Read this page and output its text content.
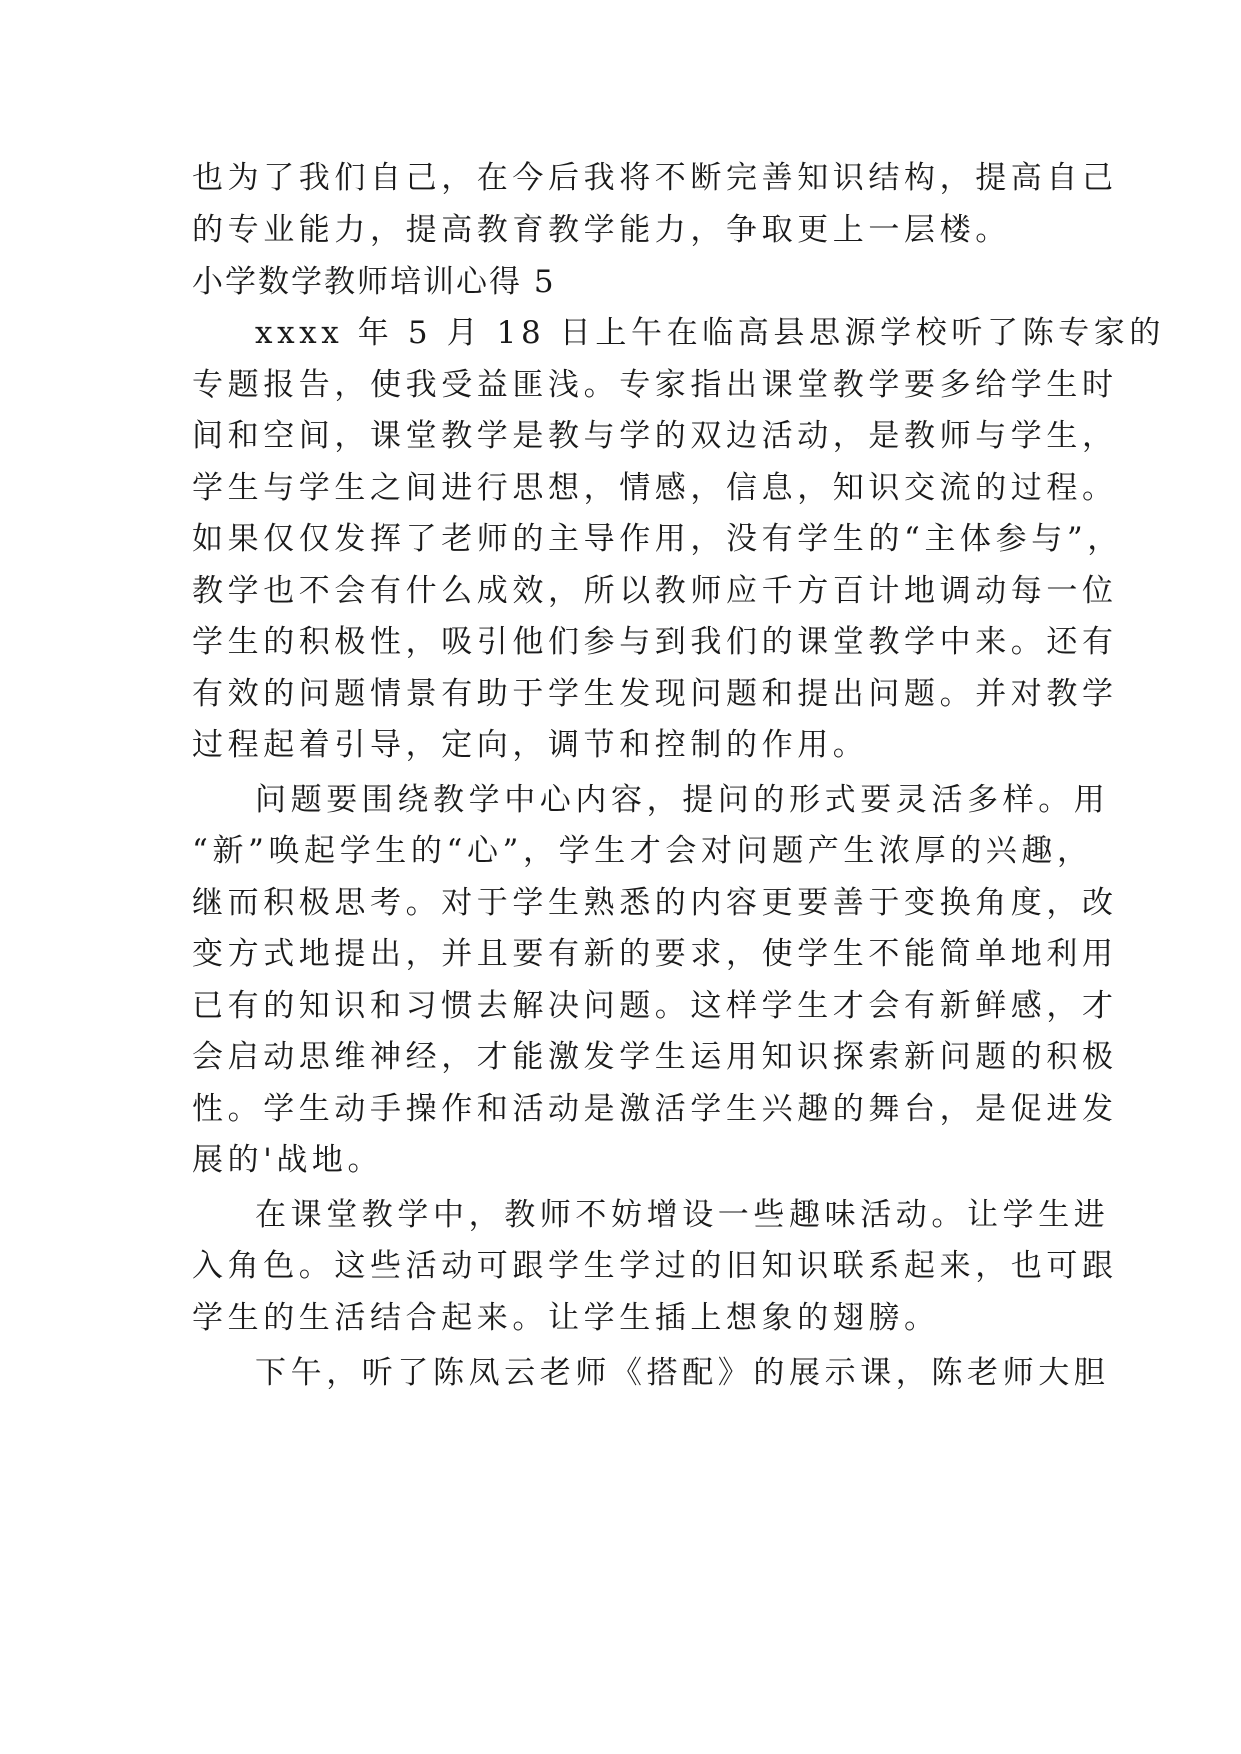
也为了我们自己，在今后我将不断完善知识结构，提高自己
的专业能力，提高教育教学能力，争取更上一层楼。
小学数学教师培训心得 5
xxxx 年 5 月 18 日上午在临高县思源学校听了陈专家的
专题报告，使我受益匪浅。专家指出课堂教学要多给学生时
间和空间，课堂教学是教与学的双边活动，是教师与学生，
学生与学生之间进行思想，情感，信息，知识交流的过程。
如果仅仅发挥了老师的主导作用，没有学生的“主体参与”，
教学也不会有什么成效，所以教师应千方百计地调动每一位
学生的积极性，吸引他们参与到我们的课堂教学中来。还有
有效的问题情景有助于学生发现问题和提出问题。并对教学
过程起着引导，定向，调节和控制的作用。
问题要围绕教学中心内容，提问的形式要灵活多样。用
“新”唤起学生的“心”，学生才会对问题产生浓厚的兴趣，
继而积极思考。对于学生熟悉的内容更要善于变换角度，改
变方式地提出，并且要有新的要求，使学生不能简单地利用
已有的知识和习惯去解决问题。这样学生才会有新鲜感，才
会启动思维神经，才能激发学生运用知识探索新问题的积极
性。学生动手操作和活动是激活学生兴趣的舞台，是促进发
展的'战地。
在课堂教学中，教师不妨增设一些趣味活动。让学生进
入角色。这些活动可跟学生学过的旧知识联系起来，也可跟
学生的生活结合起来。让学生插上想象的翅膀。
下午，听了陈凤云老师《搭配》的展示课，陈老师大胆
